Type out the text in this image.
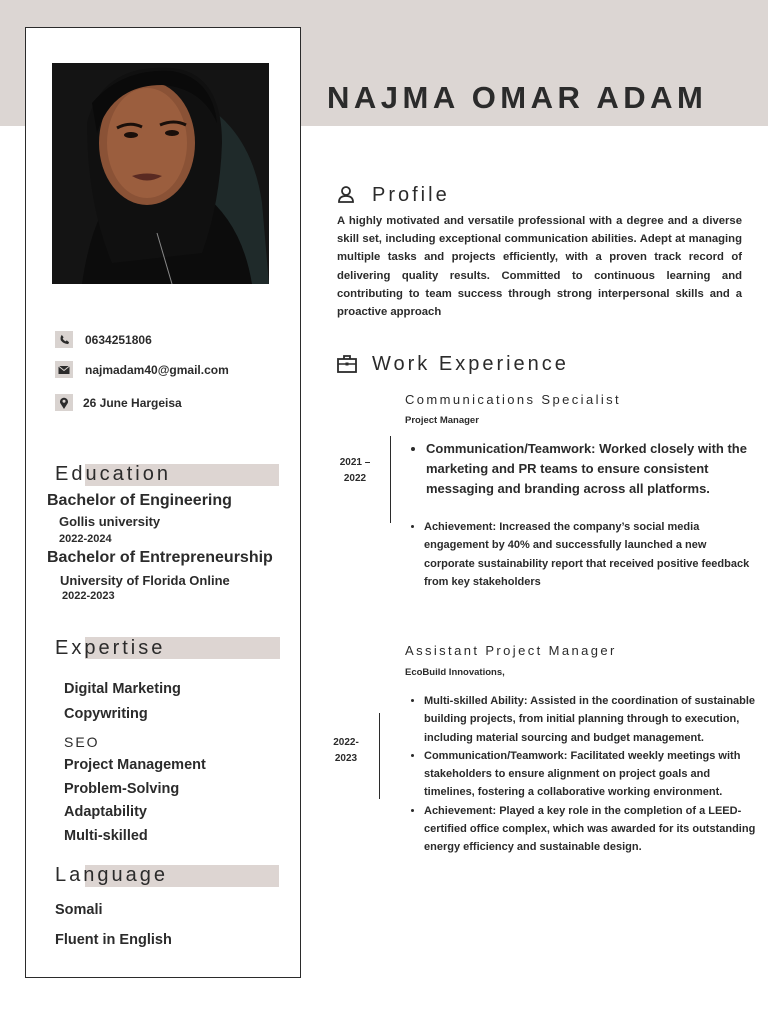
NAJMA OMAR ADAM
0634251806
najmadam40@gmail.com
26 June Hargeisa
Education
Bachelor of Engineering
Gollis university
2022-2024
Bachelor of Entrepreneurship
University of Florida Online
2022-2023
Expertise
Digital Marketing
Copywriting
SEO
Project Management
Problem-Solving
Adaptability
Multi-skilled
Language
Somali
Fluent in English
Profile
A highly motivated and versatile professional with a degree and a diverse skill set, including exceptional communication abilities. Adept at managing multiple tasks and projects efficiently, with a proven track record of delivering quality results. Committed to continuous learning and contributing to team success through strong interpersonal skills and a proactive approach
Work Experience
Communications Specialist
Project Manager
2021 –
2022
• Communication/Teamwork: Worked closely with the marketing and PR teams to ensure consistent messaging and branding across all platforms.
• Achievement: Increased the company’s social media engagement by 40% and successfully launched a new corporate sustainability report that received positive feedback from key stakeholders
Assistant Project Manager
EcoBuild Innovations,
2022-
2023
• Multi-skilled Ability: Assisted in the coordination of sustainable building projects, from initial planning through to execution, including material sourcing and budget management.
• Communication/Teamwork: Facilitated weekly meetings with stakeholders to ensure alignment on project goals and timelines, fostering a collaborative working environment.
• Achievement: Played a key role in the completion of a LEED-certified office complex, which was awarded for its outstanding energy efficiency and sustainable design.
